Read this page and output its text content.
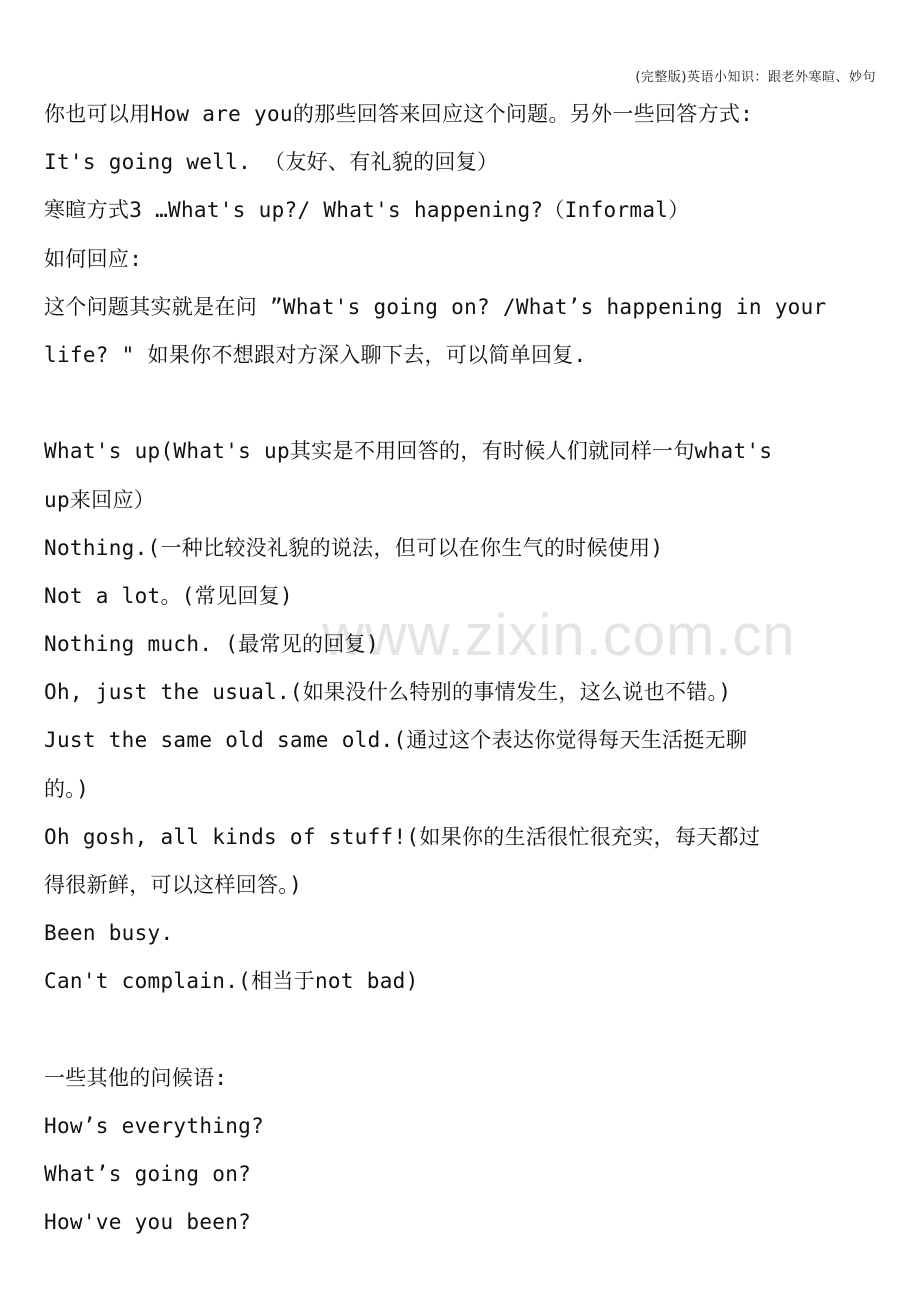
(完整版)英语小知识：跟老外寒暄、妙句
www.zixin.com.cn
你也可以用How are you的那些回答来回应这个问题。另外一些回答方式:
It's going well. （友好、有礼貌的回复）
寒暄方式3 …What's up?/ What's happening?（Informal）
如何回应:
这个问题其实就是在问 ”What's going on? /What’s happening in your
life? " 如果你不想跟对方深入聊下去，可以简单回复.
What's up(What's up其实是不用回答的，有时候人们就同样一句what's
up来回应）
Nothing.(一种比较没礼貌的说法，但可以在你生气的时候使用)
Not a lot。(常见回复)
Nothing much. (最常见的回复)
Oh, just the usual.(如果没什么特别的事情发生，这么说也不错。)
Just the same old same old.(通过这个表达你觉得每天生活挺无聊
的。)
Oh gosh, all kinds of stuff!(如果你的生活很忙很充实，每天都过
得很新鲜，可以这样回答。)
Been busy.
Can't complain.(相当于not bad)
一些其他的问候语:
How’s everything?
What’s going on?
How've you been?
